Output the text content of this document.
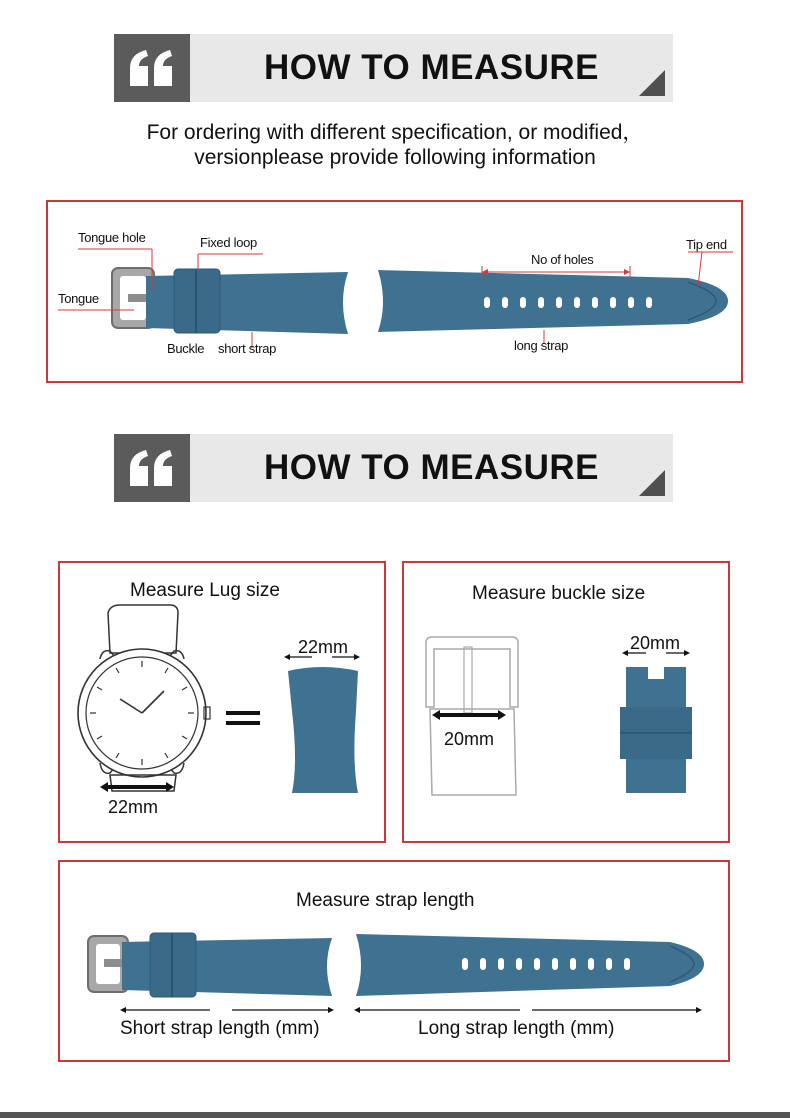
HOW TO MEASURE
For ordering with different specification, or modified，
versionplease provide following information
Tongue hole	Fixed loop
Tongue
Buckle short strap
No of holes
long strap
Tip end
HOW TO MEASURE
Measure Lug size
22mm
22mm
Measure buckle size
20mm
20mm
Measure strap length
Short strap length (mm)	Long strap length (mm)
